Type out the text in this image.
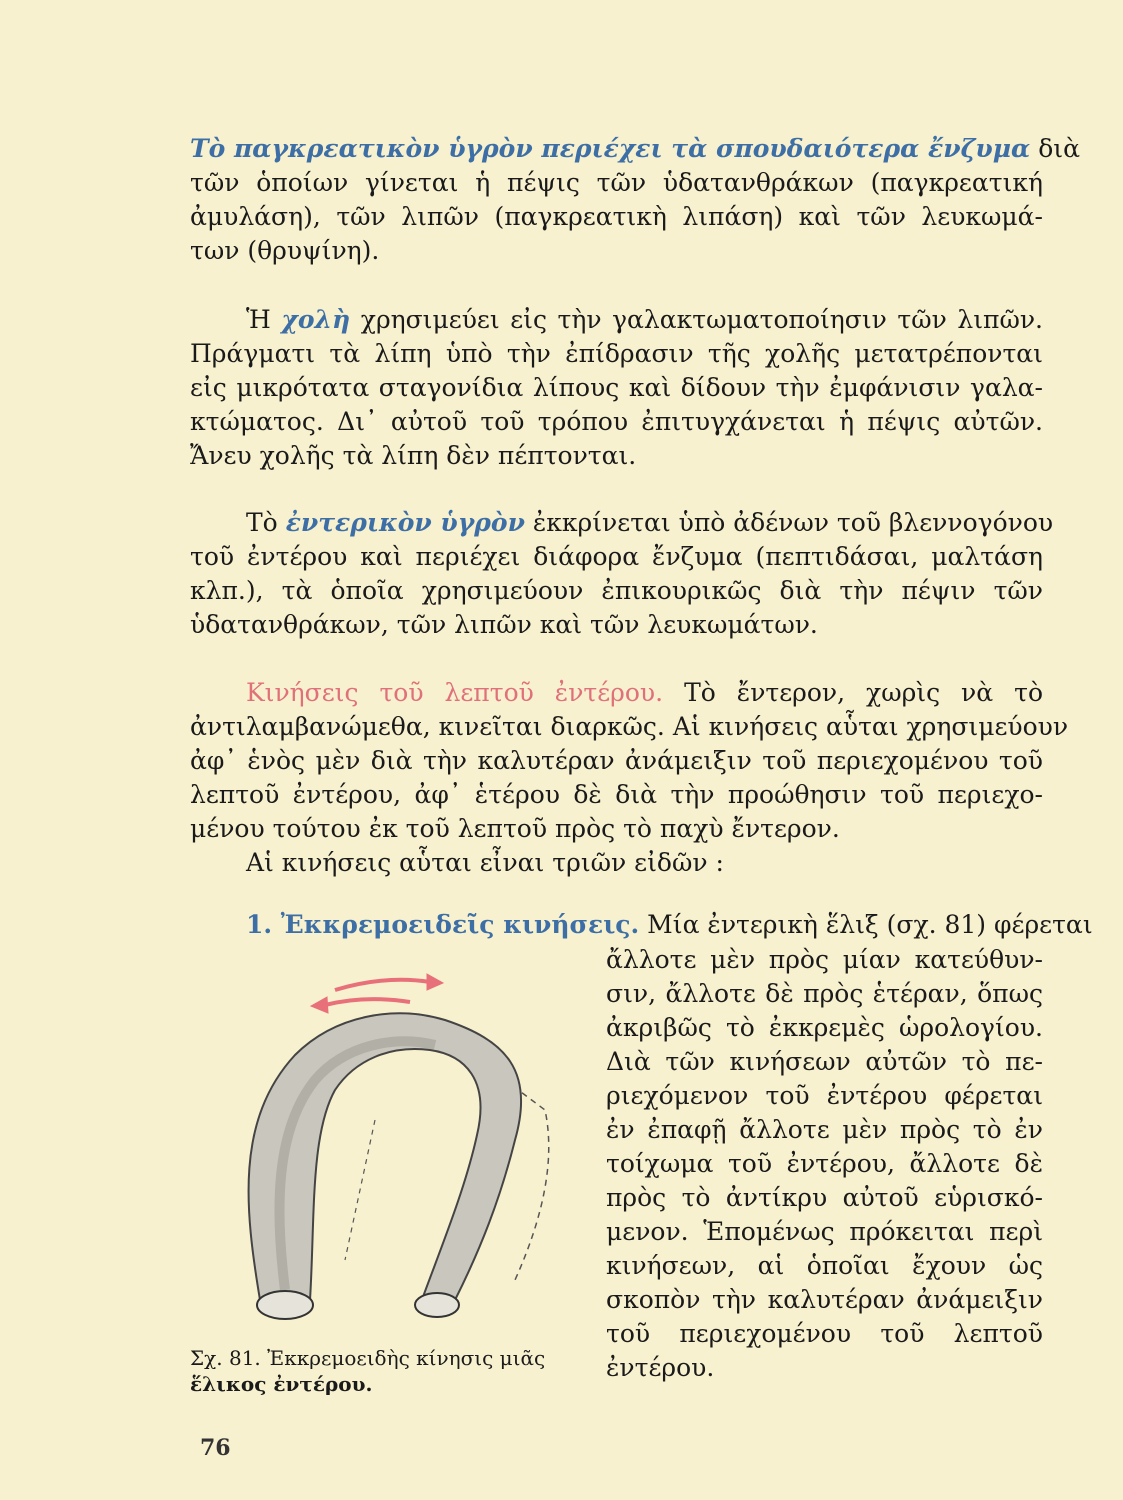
Τὸ παγκρεατικὸν ὑγρὸν περιέχει τὰ σπουδαιότερα ἔνζυμα διὰ
τῶν ὁποίων γίνεται ἡ πέψις τῶν ὑδατανθράκων (παγκρεατική
ἀμυλάση), τῶν λιπῶν (παγκρεατικὴ λιπάση) καὶ τῶν λευκωμά-
των (θρυψίνη).
Ἡ χολὴ χρησιμεύει εἰς τὴν γαλακτωματοποίησιν τῶν λιπῶν.
Πράγματι τὰ λίπη ὑπὸ τὴν ἐπίδρασιν τῆς χολῆς μετατρέπονται
εἰς μικρότατα σταγονίδια λίπους καὶ δίδουν τὴν ἐμφάνισιν γαλα-
κτώματος. Δι᾿ αὐτοῦ τοῦ τρόπου ἐπιτυγχάνεται ἡ πέψις αὐτῶν.
Ἄνευ χολῆς τὰ λίπη δὲν πέπτονται.
Τὸ ἐντερικὸν ὑγρὸν ἐκκρίνεται ὑπὸ ἀδένων τοῦ βλεννογόνου
τοῦ ἐντέρου καὶ περιέχει διάφορα ἔνζυμα (πεπτιδάσαι, μαλτάση
κλπ.), τὰ ὁποῖα χρησιμεύουν ἐπικουρικῶς διὰ τὴν πέψιν τῶν
ὑδατανθράκων, τῶν λιπῶν καὶ τῶν λευκωμάτων.
Κινήσεις τοῦ λεπτοῦ ἐντέρου. Τὸ ἔντερον, χωρὶς νὰ τὸ
ἀντιλαμβανώμεθα, κινεῖται διαρκῶς. Αἱ κινήσεις αὗται χρησιμεύουν
ἀφ᾿ ἑνὸς μὲν διὰ τὴν καλυτέραν ἀνάμειξιν τοῦ περιεχομένου τοῦ
λεπτοῦ ἐντέρου, ἀφ᾿ ἑτέρου δὲ διὰ τὴν προώθησιν τοῦ περιεχο-
μένου τούτου ἐκ τοῦ λεπτοῦ πρὸς τὸ παχὺ ἔντερον.
Αἱ κινήσεις αὗται εἶναι τριῶν εἰδῶν :
1. Ἐκκρεμοειδεῖς κινήσεις. Μία ἐντερικὴ ἕλιξ (σχ. 81) φέρεται
ἄλλοτε μὲν πρὸς μίαν κατεύθυν-
σιν, ἄλλοτε δὲ πρὸς ἑτέραν, ὅπως
ἀκριβῶς τὸ ἐκκρεμὲς ὡρολογίου.
Διὰ τῶν κινήσεων αὐτῶν τὸ πε-
ριεχόμενον τοῦ ἐντέρου φέρεται
ἐν ἐπαφῇ ἄλλοτε μὲν πρὸς τὸ ἐν
τοίχωμα τοῦ ἐντέρου, ἄλλοτε δὲ
πρὸς τὸ ἀντίκρυ αὐτοῦ εὑρισκό-
μενον. Ἑπομένως πρόκειται περὶ
κινήσεων, αἱ ὁποῖαι ἔχουν ὡς
σκοπὸν τὴν καλυτέραν ἀνάμειξιν
τοῦ περιεχομένου τοῦ λεπτοῦ
ἐντέρου.
Σχ. 81. Ἐκκρεμοειδὴς κίνησις μιᾶς
ἕλικος ἐντέρου.
76
